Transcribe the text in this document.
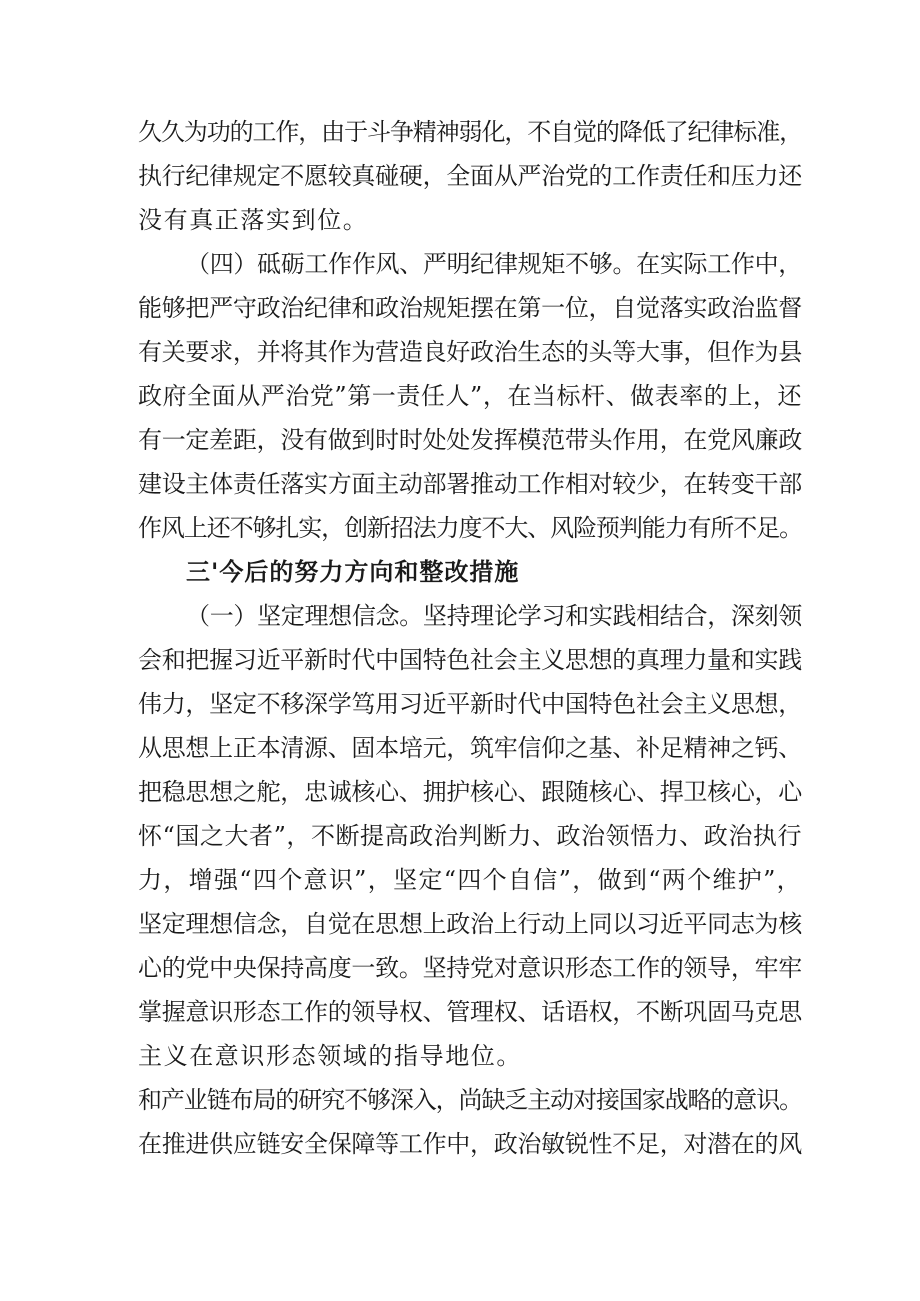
久久为功的工作，由于斗争精神弱化，不自觉的降低了纪律标准，
执行纪律规定不愿较真碰硬，全面从严治党的工作责任和压力还
没有真正落实到位。
（四）砥砺工作作风、严明纪律规矩不够。在实际工作中，
能够把严守政治纪律和政治规矩摆在第一位，自觉落实政治监督
有关要求，并将其作为营造良好政治生态的头等大事，但作为县
政府全面从严治党”第一责任人”，在当标杆、做表率的上，还
有一定差距，没有做到时时处处发挥模范带头作用，在党风廉政
建设主体责任落实方面主动部署推动工作相对较少，在转变干部
作风上还不够扎实，创新招法力度不大、风险预判能力有所不足。
三'今后的努力方向和整改措施
（一）坚定理想信念。坚持理论学习和实践相结合，深刻领
会和把握习近平新时代中国特色社会主义思想的真理力量和实践
伟力，坚定不移深学笃用习近平新时代中国特色社会主义思想，
从思想上正本清源、固本培元，筑牢信仰之基、补足精神之钙、
把稳思想之舵，忠诚核心、拥护核心、跟随核心、捍卫核心，心
怀“国之大者”，不断提高政治判断力、政治领悟力、政治执行
力，增强“四个意识”，坚定“四个自信”，做到“两个维护”，
坚定理想信念，自觉在思想上政治上行动上同以习近平同志为核
心的党中央保持高度一致。坚持党对意识形态工作的领导，牢牢
掌握意识形态工作的领导权、管理权、话语权，不断巩固马克思
主义在意识形态领域的指导地位。
和产业链布局的研究不够深入，尚缺乏主动对接国家战略的意识。
在推进供应链安全保障等工作中，政治敏锐性不足，对潜在的风
